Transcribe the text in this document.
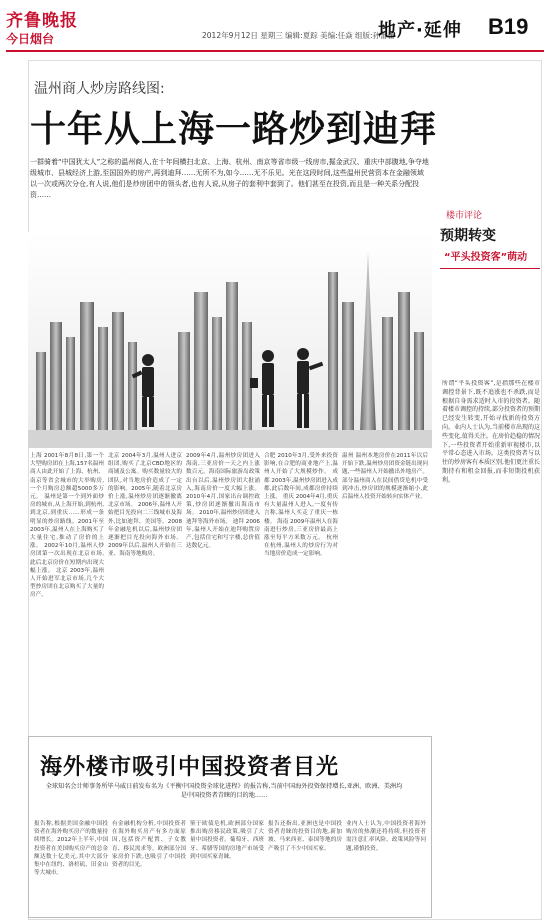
齐鲁晚报
今日烟台	2012年9月12日 星期三 编辑:夏踪 美编:任焱 组版:孙蕾蕾
地产·延伸 B19
温州商人炒房路线图:
十年从上海一路炒到迪拜
一群骑着“中国犹太人”之称的温州商人,在十年间横扫北京、上海、杭州、南京等省市级一线房市,掘金武汉、重庆中部腹地,争夺地级城市、县城经济上游,至国国外的房产,再到迪拜……无所不为,如今……无不乐见。光在这段时间,这些温州民营资本在金融领域以一次或两次分仓,有人说,他们是炒房团中的领头者,也有人说,从房子的套利中套到了。他们甚至在投资,而且是一种关系分配投资……

上海 2001年8月8日,第一个大型购房团在上海,157名温州商人由此开始了上海、杭州、南京等省会城市的大举购房,一个月购房总额超5000多万元。 温州是第一个到外面炒房的城市,从上海开始,到杭州,到北京,到重庆……形成一条明显的炒房路线。2001年至2003年,温州人在上海购买了大量住宅,推动了房价的上涨。 2002年10月,温州人炒房团第一次出现在北京市场,此后北京房价在短期内出现大幅上涨。 北京 2003年,温州人开始进军北京市场,几个大型炒房团在北京购买了大量的房产。

北京 2004年3月,温州人进京组团,购买了北京CBD地区的商铺及公寓。购买数量较大的团队,对当地房价造成了一定的影响。2005年,随着北京房价上涨,温州炒房团逐渐撤离北京市场。 2006年,温州人开始把目光投向二三线城市及海外,比如迪拜、美国等。2008年金融危机以后,温州炒房团逐渐把目光投向海外市场。2009年以后,温州人开始在三亚、海南等地购房。

2009年4月,温州炒房团进入海南,三亚房价一天之内上涨数百元。海南国际旅游岛政策出台以后,温州炒房团大批涌入,海南房价一度大幅上涨。 2010年4月,国家出台调控政策,炒房团逐渐撤出海南市场。 2010年,温州炒房团进入迪拜等海外市场。 迪拜 2006年,温州人开始在迪拜购置房产,包括住宅和写字楼,总价值达数亿元。

合肥 2010年3月,受外来投资影响,在合肥的商业地产上,温州人开始了大规模炒作。 成都 2003年,温州炒房团进入成都,此后数年间,成都房价持续上涨。 重庆 2004年4月,重庆有大量温州人进入,一度有传言称,温州人买走了重庆一栋楼。 海南 2009年温州人在海南进行炒房,三亚房价最高上涨至每平方米数万元。 杭州 在杭州,温州人的炒房行为对当地房价造成一定影响。

温州 温州本地房价在2011年以后开始下跌,温州炒房团资金链出现问题,一些温州人开始撤出外地房产。部分温州商人在民间借贷危机中受到冲击,炒房团的规模逐渐缩小,此后温州人投资开始转向实体产业。

楼市评论
预期转变
“平头投资客”萌动

所谓“平头投资客”,是指那些在楼市调控背景下,既不追涨也不杀跌,而是根据自身需求适时入市的投资者。随着楼市调控的持续,部分投资者的预期已经发生转变,开始寻找新的投资方向。业内人士认为,当前楼市出现的这些变化,值得关注。在房价趋稳的情况下,一些投资者开始重新审视楼市,以平常心态进入市场。这类投资者与以往的炒房客有本质区别,他们更注重长期持有和租金回报,而非短期投机获利。

海外楼市吸引中国投资者目光
全球知名会计师事务所毕马威日前发布名为《平衡中国投资全球化进程》的报告称,当前中国海外投资保持增长,亚洲、欧洲、美洲均是中国投资者青睐的目的地……

报告称,根据美国金融中国投资者在海外购买房产的数量持续增长。2012年上半年,中国投资者在美国购买房产的总金额达数十亿美元,其中大部分集中在纽约、洛杉矶、旧金山等大城市。

有金融机构分析,中国投资者在海外购买房产有多方面原因,包括资产配置、子女教育、移民需求等。欧洲部分国家房价下跌,也吸引了中国投资者的目光。

鉴于欧债危机,欧洲部分国家推出购房移民政策,吸引了大量中国投资者。葡萄牙、西班牙、希腊等国的房地产市场受到中国买家青睐。

报告还指出,亚洲也是中国投资者青睐的投资目的地,新加坡、马来西亚、泰国等地的房产吸引了不少中国买家。

业内人士认为,中国投资者海外购房的热潮还将持续,但投资者需注意汇率风险、政策风险等问题,谨慎投资。
